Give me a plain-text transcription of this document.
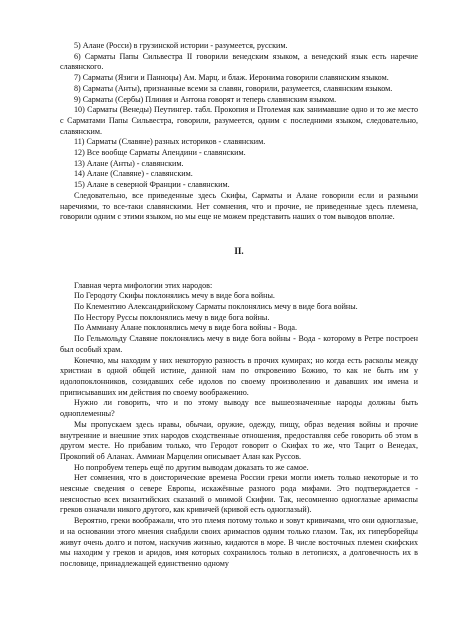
5) Алане (Росси) в грузинской истории - разумеется, русским.

6) Сарматы Папы Сильвестра II говорили венедским языком, а венедский язык есть наречие славянского.

7) Сарматы (Язиги и Панноцы) Ам. Марц. и блаж. Иеронима говорили славянским языком.

8) Сарматы (Анты), признанные всеми за славян, говорили, разумеется, славянским языком.

9) Сарматы (Сербы) Плиния и Антона говорят и теперь славянским языком.

10) Сарматы (Венеды) Пеутингер. табл. Прокопия и Птолемая как занимавшие одно и то же место с Сарматами Папы Сильвестра, говорили, разумеется, одним с последними языком, следовательно, славянским.

11) Сарматы (Славяне) разных историков - славянским.

12) Все вообще Сарматы Апендини - славянским.

13) Алане (Анты) - славянским.

14) Алане (Славяне) - славянским.

15) Алане в северной Франции - славянским.

Следовательно, все приведенные здесь Скифы, Сарматы и Алане говорили если и разными наречиями, то все-таки славянскими. Нет сомнения, что и прочие, не приведенные здесь племена, говорили одним с этими языком, но мы еще не можем представить наших о том выводов вполне.

II.

Главная черта мифологии этих народов:

По Геродоту Скифы поклонялись мечу в виде бога войны.

По Клементию Александрийскому Сарматы поклонялись мечу в виде бога войны.

По Нестору Руссы поклонялись мечу в виде бога войны.

По Аммиану Алане поклонялись мечу в виде бога войны - Вода.

По Гельмольду Славяне поклонялись мечу в виде бога войны - Вода - которому в Ретре построен был особый храм.

Конечно, мы находим у них некоторую разность в прочих кумирах; но когда есть расколы между христиан в одной общей истине, данной нам по откровению Божию, то как не быть им у идолопоклонников, созидавших себе идолов по своему произволению и дававших им имена и приписывавших им действия по своему воображению.

Нужно ли говорить, что и по этому выводу все вышеозначенные народы должны быть одноплеменны?

Мы пропускаем здесь нравы, обычаи, оружие, одежду, пищу, образ ведения войны и прочие внутренние и внешние этих народов сходственные отношения, предоставляя себе говорить об этом в другом месте. Но прибавим только, что Геродот говорит о Скифах то же, что Тацит о Венедах, Прокопий об Аланах. Аммиан Марцелин описывает Алан как Руссов.

Но попробуем теперь ещё по другим выводам доказать то же самое.

Нет сомнения, что в доисторические времена России греки могли иметь только некоторые и то неясные сведения о севере Европы, искажённые разного рода мифами. Это подтверждается - неясностью всех византийских сказаний о мнимой Скифии. Так, несомненно одноглазые аримаспы греков означали никого другого, как кривичей (кривой есть одноглазый).

Вероятно, греки воображали, что это племя потому только и зовут кривичами, что они одноглазые, и на основании этого мнения снабдили своих аримаспов одним только глазом. Так, их гиперборейцы живут очень долго и потом, наскучив жизнью, кидаются в море. В числе восточных племен скифских мы находим у греков и аридов, имя которых сохранилось только в летописях, а долговечность их в пословице, принадлежащей единственно одному
